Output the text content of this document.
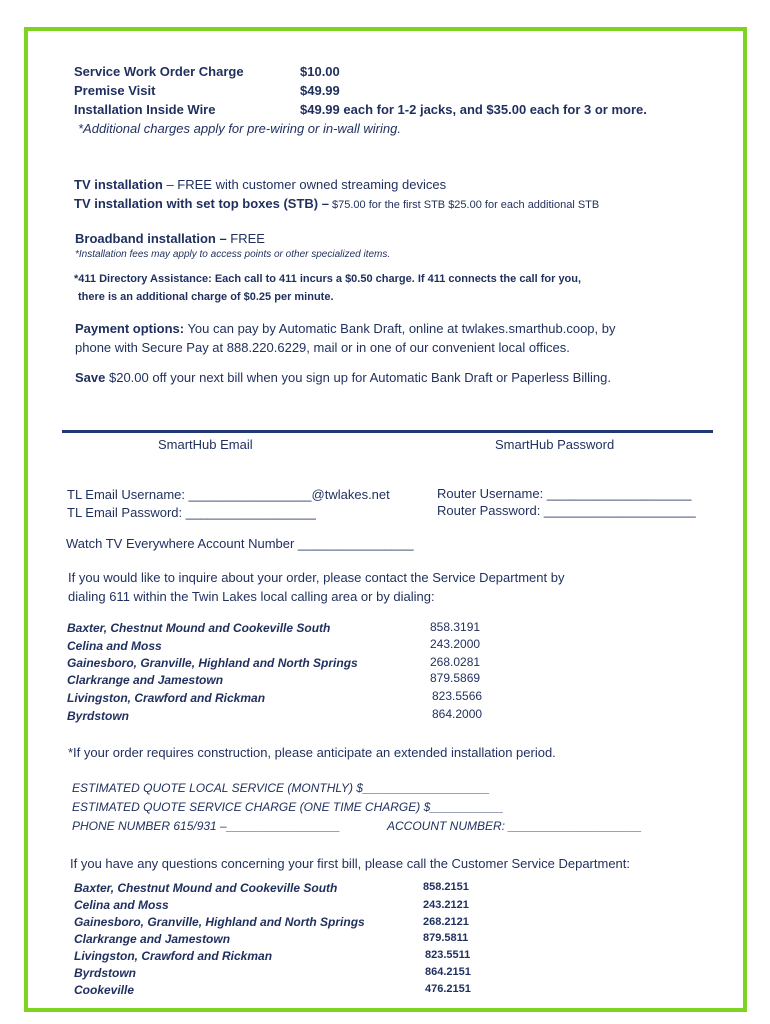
Service Work Order Charge	$10.00
Premise Visit	$49.99
Installation Inside Wire	$49.99 each for 1-2 jacks, and $35.00 each for 3 or more.
*Additional charges apply for pre-wiring or in-wall wiring.
TV installation – FREE with customer owned streaming devices
TV installation with set top boxes (STB) – $75.00 for the first STB $25.00 for each additional STB
Broadband installation – FREE
*Installation fees may apply to access points or other specialized items.
*411 Directory Assistance: Each call to 411 incurs a $0.50 charge. If 411 connects the call for you,
there is an additional charge of $0.25 per minute.
Payment options: You can pay by Automatic Bank Draft, online at twlakes.smarthub.coop, by
phone with Secure Pay at 888.220.6229, mail or in one of our convenient local offices.
Save $20.00 off your next bill when you sign up for Automatic Bank Draft or Paperless Billing.
SmartHub Email	SmartHub Password
TL Email Username: _________________@twlakes.net
TL Email Password: __________________
Router Username: ____________________
Router Password: _____________________
Watch TV Everywhere Account Number ________________
If you would like to inquire about your order, please contact the Service Department by
dialing 611 within the Twin Lakes local calling area or by dialing:
Baxter, Chestnut Mound and Cookeville South	858.3191
Celina and Moss	243.2000
Gainesboro, Granville, Highland and North Springs	268.0281
Clarkrange and Jamestown	879.5869
Livingston, Crawford and Rickman	823.5566
Byrdstown	864.2000
*If your order requires construction, please anticipate an extended installation period.
ESTIMATED QUOTE LOCAL SERVICE (MONTHLY) $___________________
ESTIMATED QUOTE SERVICE CHARGE (ONE TIME CHARGE) $___________
PHONE NUMBER 615/931 –_________________	ACCOUNT NUMBER: ____________________
If you have any questions concerning your first bill, please call the Customer Service Department:
Baxter, Chestnut Mound and Cookeville South	858.2151
Celina and Moss	243.2121
Gainesboro, Granville, Highland and North Springs	268.2121
Clarkrange and Jamestown	879.5811
Livingston, Crawford and Rickman	823.5511
Byrdstown	864.2151
Cookeville	476.2151
